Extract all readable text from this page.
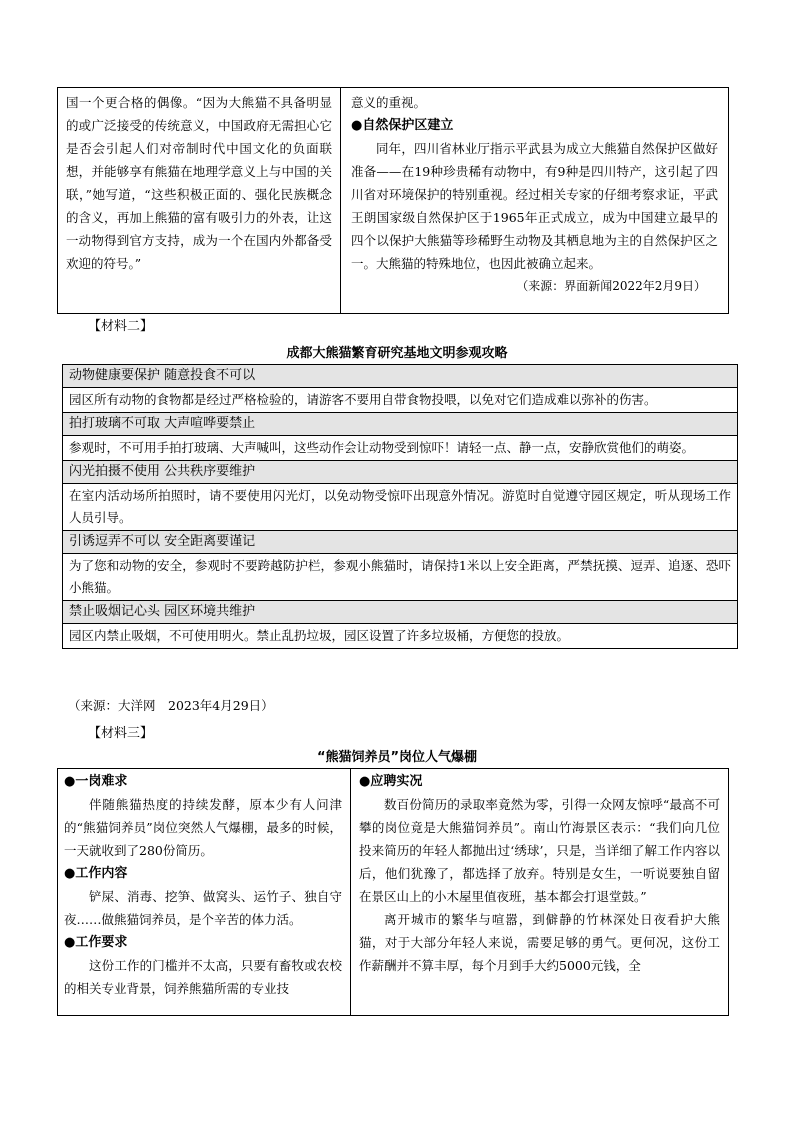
国一个更合格的偶像。“因为大熊猫不具备明显的或广泛接受的传统意义，中国政府无需担心它是否会引起人们对帝制时代中国文化的负面联想，并能够享有熊猫在地理学意义上与中国的关联，”她写道，“这些积极正面的、强化民族概念的含义，再加上熊猫的富有吸引力的外表，让这一动物得到官方支持，成为一个在国内外都备受欢迎的符号。”

意义的重视。

●自然保护区建立

同年，四川省林业厅指示平武县为成立大熊猫自然保护区做好准备——在19种珍贵稀有动物中，有9种是四川特产，这引起了四川省对环境保护的特别重视。经过相关专家的仔细考察求证，平武王朗国家级自然保护区于1965年正式成立，成为中国建立最早的四个以保护大熊猫等珍稀野生动物及其栖息地为主的自然保护区之一。大熊猫的特殊地位，也因此被确立起来。

（来源：界面新闻2022年2月9日）
【材料二】
成都大熊猫繁育研究基地文明参观攻略
动物健康要保护 随意投食不可以
园区所有动物的食物都是经过严格检验的，请游客不要用自带食物投喂，以免对它们造成难以弥补的伤害。

拍打玻璃不可取 大声喧哗要禁止
参观时，不可用手拍打玻璃、大声喊叫，这些动作会让动物受到惊吓！请轻一点、静一点，安静欣赏他们的萌姿。

闪光拍摄不使用 公共秩序要维护
在室内活动场所拍照时，请不要使用闪光灯，以免动物受惊吓出现意外情况。游览时自觉遵守园区规定，听从现场工作人员引导。

引诱逗弄不可以 安全距离要谨记
为了您和动物的安全，参观时不要跨越防护栏，参观小熊猫时，请保持1米以上安全距离，严禁抚摸、逗弄、追逐、恐吓小熊猫。

禁止吸烟记心头 园区环境共维护
园区内禁止吸烟，不可使用明火。禁止乱扔垃圾，园区设置了许多垃圾桶，方便您的投放。
（来源：大洋网　2023年4月29日）
【材料三】
“熊猫饲养员”岗位人气爆棚
●一岗难求

伴随熊猫热度的持续发酵，原本少有人问津的“熊猫饲养员”岗位突然人气爆棚，最多的时候，一天就收到了280份简历。

●工作内容

铲屎、消毒、挖笋、做窝头、运竹子、独自守夜……做熊猫饲养员，是个辛苦的体力活。

●工作要求

这份工作的门槛并不太高，只要有畜牧或农校的相关专业背景，饲养熊猫所需的专业技

●应聘实况

数百份简历的录取率竟然为零，引得一众网友惊呼“最高不可攀的岗位竟是大熊猫饲养员”。南山竹海景区表示：“我们向几位投来简历的年轻人都抛出过‘绣球’，只是，当详细了解工作内容以后，他们犹豫了，都选择了放弃。特别是女生，一听说要独自留在景区山上的小木屋里值夜班，基本都会打退堂鼓。”

离开城市的繁华与喧嚣，到僻静的竹林深处日夜看护大熊猫，对于大部分年轻人来说，需要足够的勇气。更何况，这份工作薪酬并不算丰厚，每个月到手大约5000元钱，全
